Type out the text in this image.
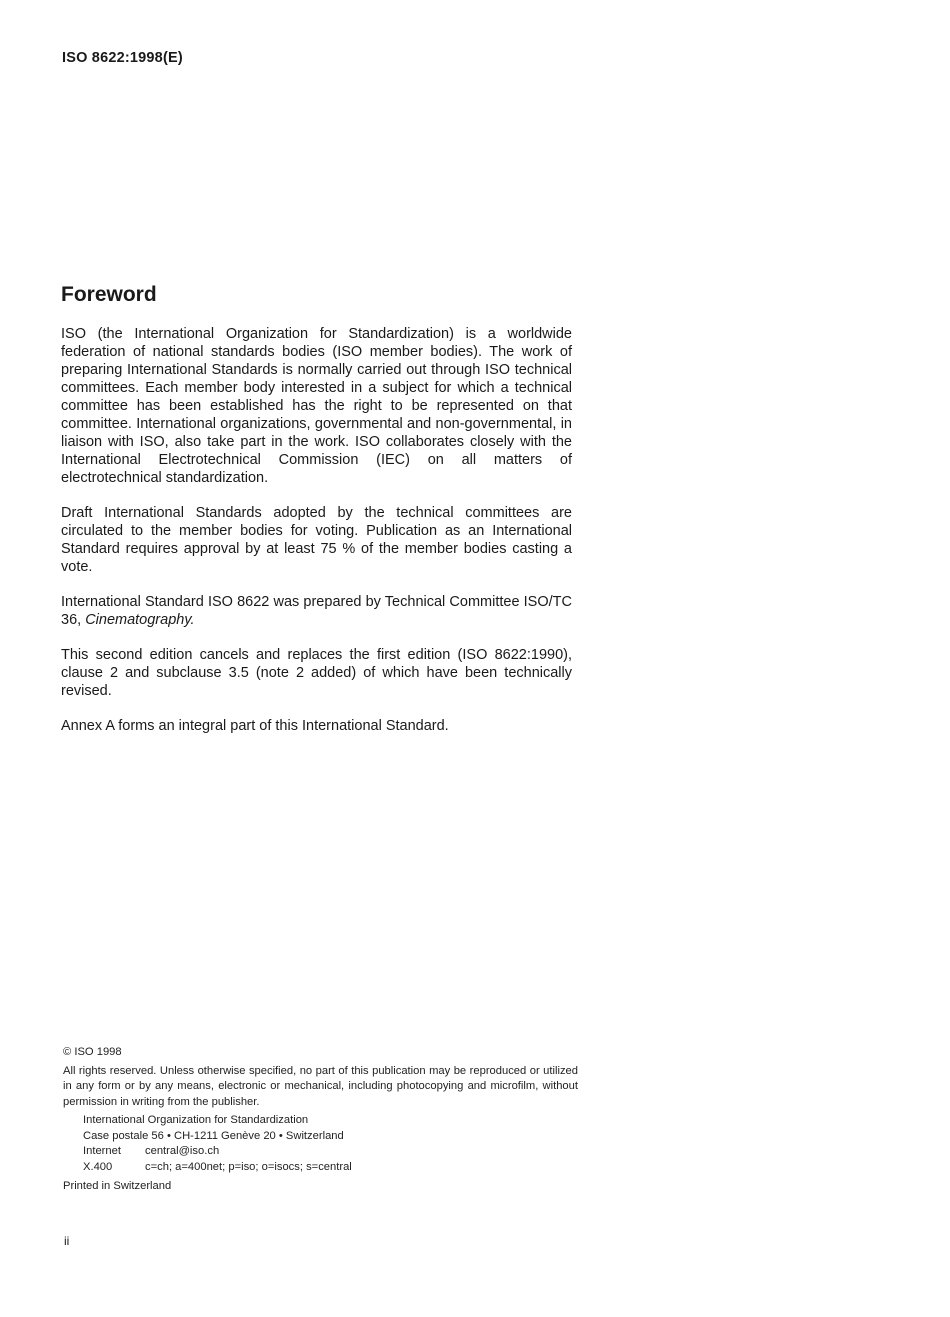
ISO 8622:1998(E)
Foreword

ISO (the International Organization for Standardization) is a worldwide federation of national standards bodies (ISO member bodies). The work of preparing International Standards is normally carried out through ISO technical committees. Each member body interested in a subject for which a technical committee has been established has the right to be represented on that committee. International organizations, governmental and non-governmental, in liaison with ISO, also take part in the work. ISO collaborates closely with the International Electrotechnical Commission (IEC) on all matters of electrotechnical standardization.

Draft International Standards adopted by the technical committees are circulated to the member bodies for voting. Publication as an International Standard requires approval by at least 75 % of the member bodies casting a vote.

International Standard ISO 8622 was prepared by Technical Committee ISO/TC 36, Cinematography.

This second edition cancels and replaces the first edition (ISO 8622:1990), clause 2 and subclause 3.5 (note 2 added) of which have been technically revised.

Annex A forms an integral part of this International Standard.

© ISO 1998
All rights reserved. Unless otherwise specified, no part of this publication may be reproduced or utilized in any form or by any means, electronic or mechanical, including photocopying and microfilm, without permission in writing from the publisher.
International Organization for Standardization
Case postale 56 • CH-1211 Genève 20 • Switzerland
Internet	central@iso.ch
X.400	c=ch; a=400net; p=iso; o=isocs; s=central
Printed in Switzerland
ii
